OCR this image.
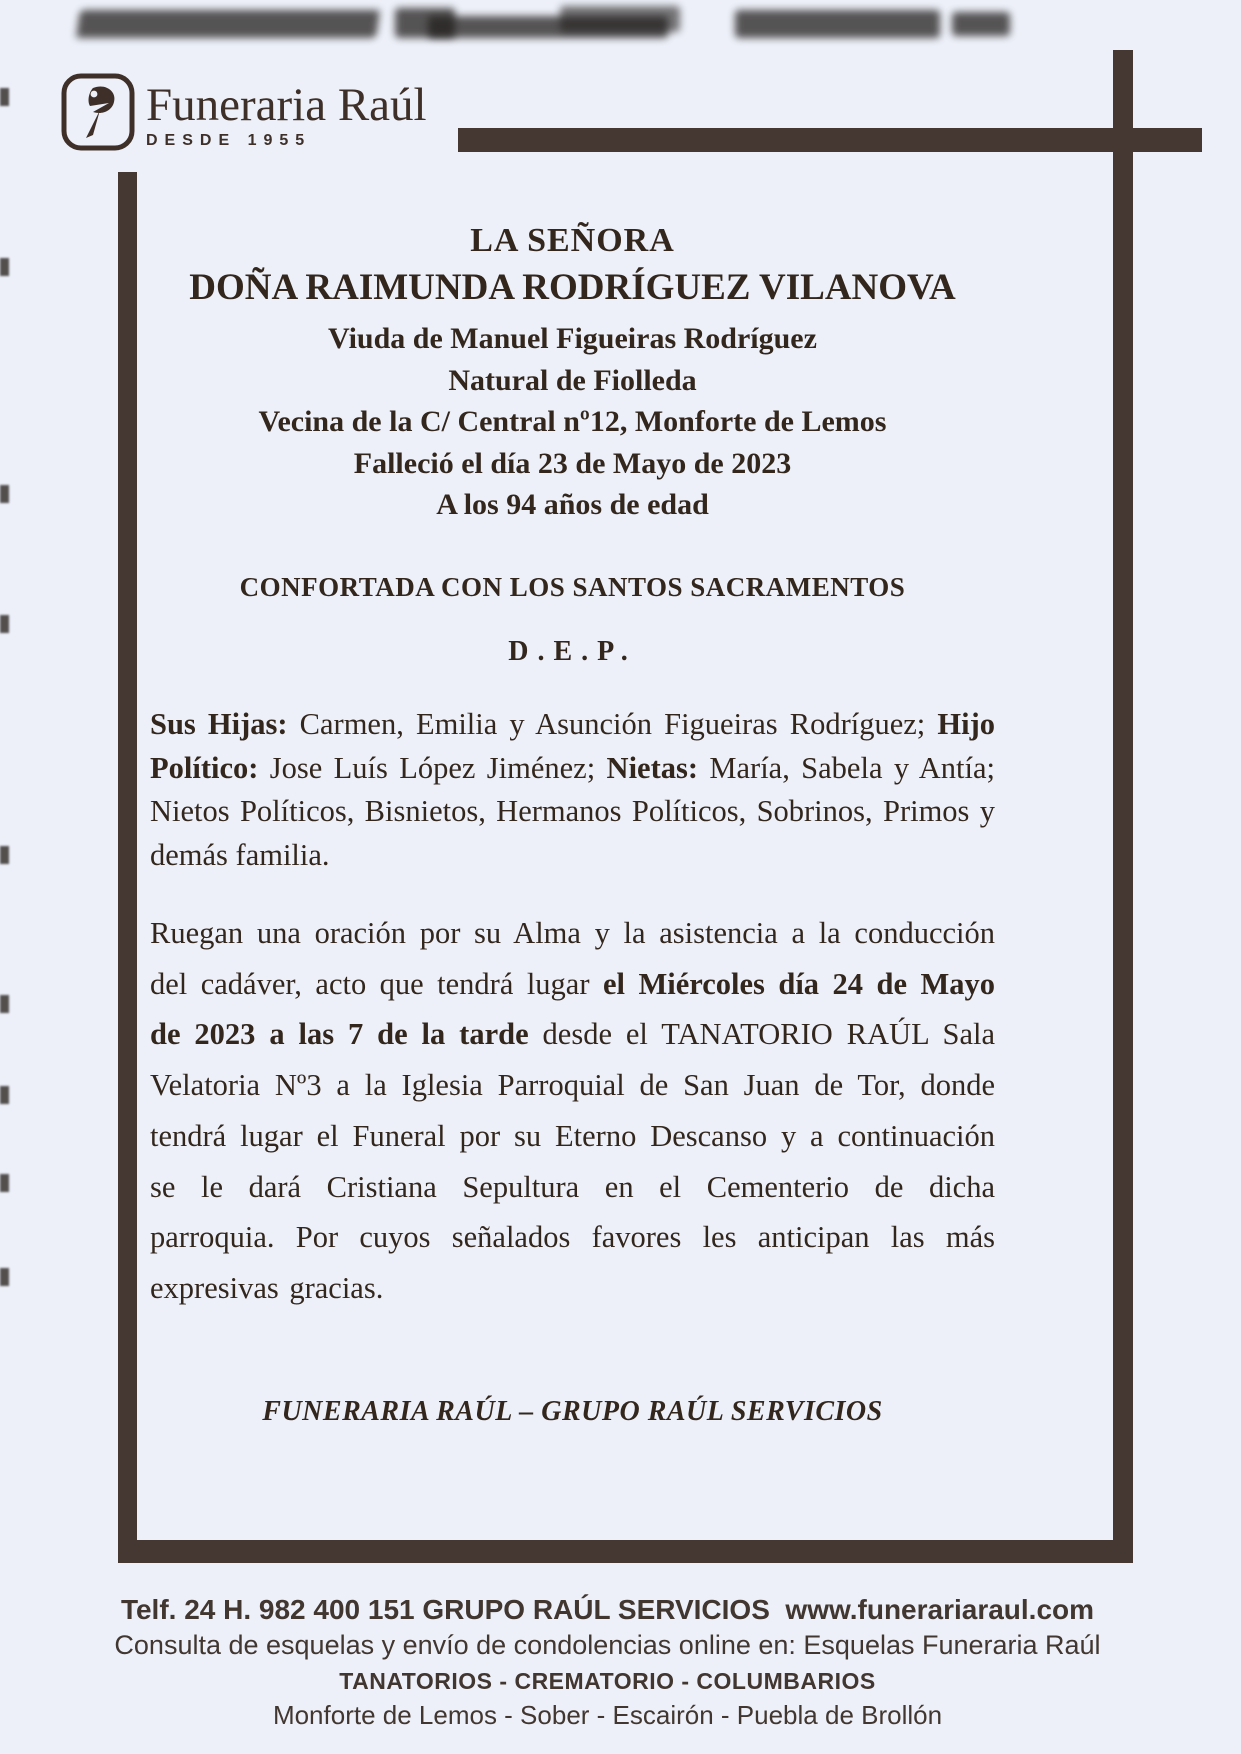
Funeraria Raúl
DESDE 1955
LA SEÑORA
DOÑA RAIMUNDA RODRÍGUEZ VILANOVA
Viuda de Manuel Figueiras Rodríguez
Natural de Fiolleda
Vecina de la C/ Central nº12, Monforte de Lemos
Falleció el día 23 de Mayo de 2023
A los 94 años de edad
CONFORTADA CON LOS SANTOS SACRAMENTOS
D.E.P.

Sus Hijas: Carmen, Emilia y Asunción Figueiras Rodríguez; Hijo Político: Jose Luís López Jiménez; Nietas: María, Sabela y Antía; Nietos Políticos, Bisnietos, Hermanos Políticos, Sobrinos, Primos y demás familia.

Ruegan una oración por su Alma y la asistencia a la conducción del cadáver, acto que tendrá lugar el Miércoles día 24 de Mayo de 2023 a las 7 de la tarde desde el TANATORIO RAÚL Sala Velatoria Nº3 a la Iglesia Parroquial de San Juan de Tor, donde tendrá lugar el Funeral por su Eterno Descanso y a continuación se le dará Cristiana Sepultura en el Cementerio de dicha parroquia. Por cuyos señalados favores les anticipan las más expresivas gracias.

FUNERARIA RAÚL – GRUPO RAÚL SERVICIOS
Telf. 24 H. 982 400 151 GRUPO RAÚL SERVICIOS  www.funerariaraul.com
Consulta de esquelas y envío de condolencias online en: Esquelas Funeraria Raúl
TANATORIOS - CREMATORIO - COLUMBARIOS
Monforte de Lemos - Sober - Escairón - Puebla de Brollón
